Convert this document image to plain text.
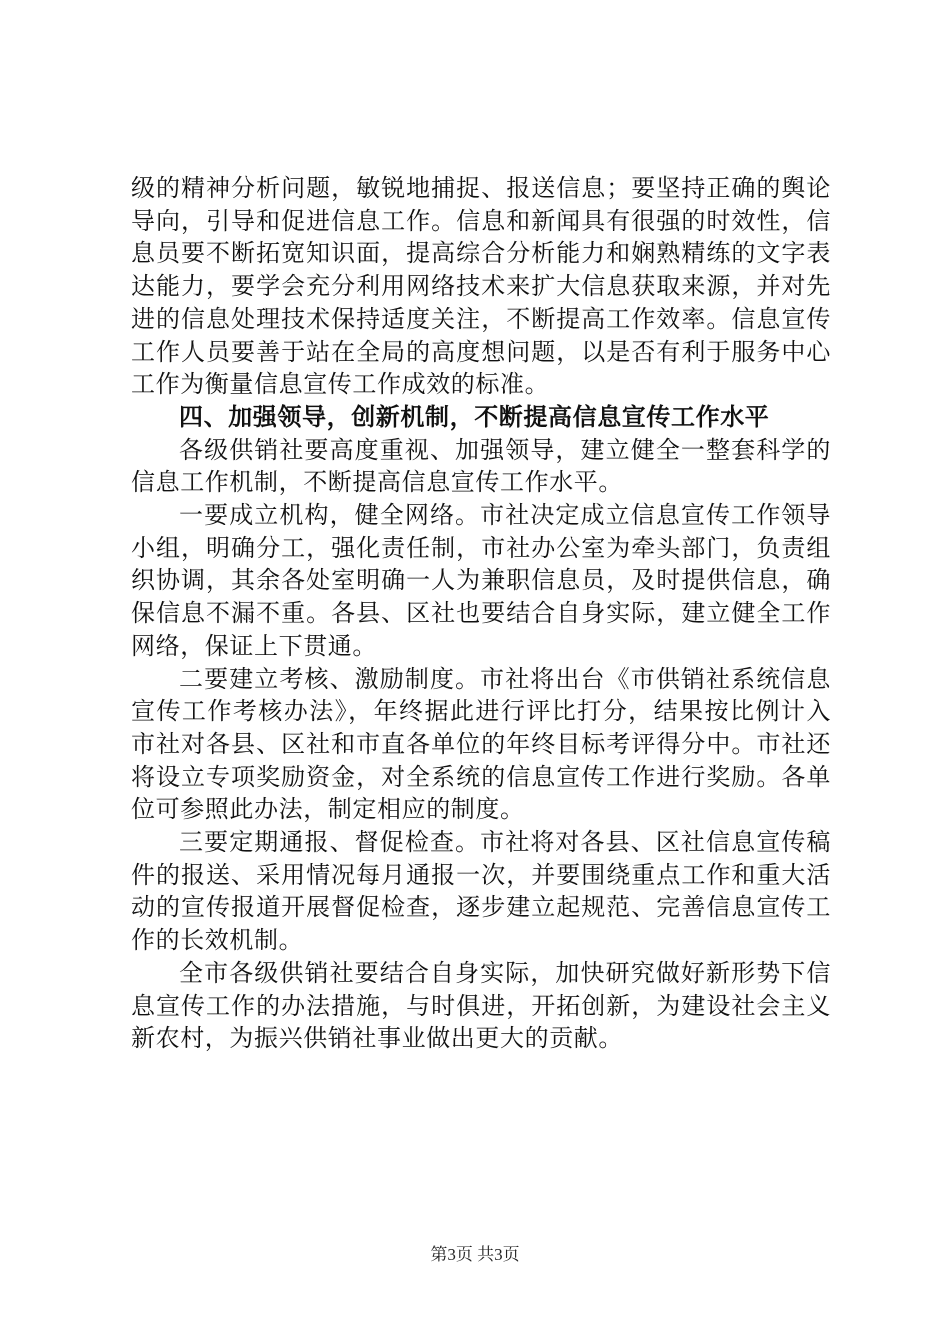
级的精神分析问题，敏锐地捕捉、报送信息；要坚持正确的舆论导向，引导和促进信息工作。信息和新闻具有很强的时效性，信息员要不断拓宽知识面，提高综合分析能力和娴熟精练的文字表达能力，要学会充分利用网络技术来扩大信息获取来源，并对先进的信息处理技术保持适度关注，不断提高工作效率。信息宣传工作人员要善于站在全局的高度想问题，以是否有利于服务中心工作为衡量信息宣传工作成效的标准。

四、加强领导，创新机制，不断提高信息宣传工作水平

各级供销社要高度重视、加强领导，建立健全一整套科学的信息工作机制，不断提高信息宣传工作水平。

一要成立机构，健全网络。市社决定成立信息宣传工作领导小组，明确分工，强化责任制，市社办公室为牵头部门，负责组织协调，其余各处室明确一人为兼职信息员，及时提供信息，确保信息不漏不重。各县、区社也要结合自身实际，建立健全工作网络，保证上下贯通。

二要建立考核、激励制度。市社将出台《市供销社系统信息宣传工作考核办法》，年终据此进行评比打分，结果按比例计入市社对各县、区社和市直各单位的年终目标考评得分中。市社还将设立专项奖励资金，对全系统的信息宣传工作进行奖励。各单位可参照此办法，制定相应的制度。

三要定期通报、督促检查。市社将对各县、区社信息宣传稿件的报送、采用情况每月通报一次，并要围绕重点工作和重大活动的宣传报道开展督促检查，逐步建立起规范、完善信息宣传工作的长效机制。

全市各级供销社要结合自身实际，加快研究做好新形势下信息宣传工作的办法措施，与时俱进，开拓创新，为建设社会主义新农村，为振兴供销社事业做出更大的贡献。

第3页 共3页
